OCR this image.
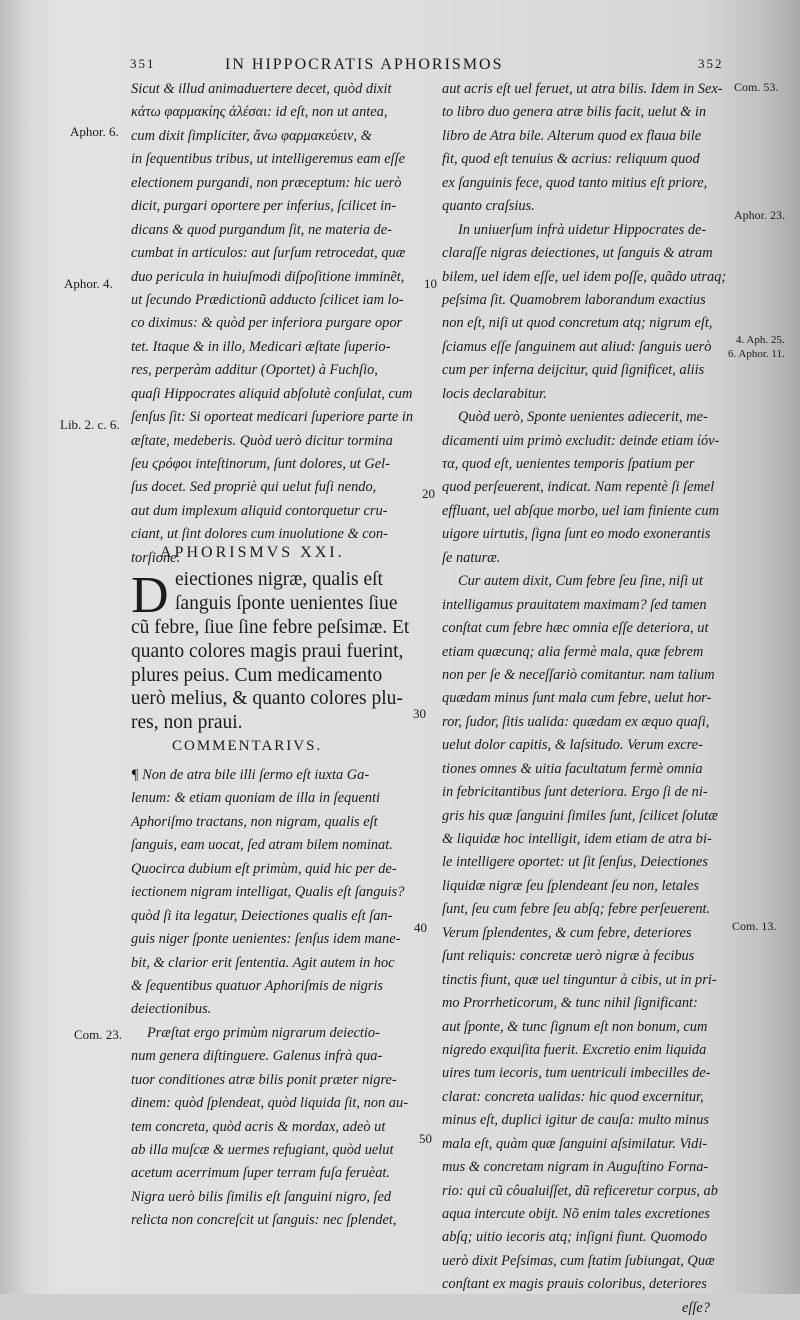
351	IN HIPPOCRATIS APHORISMOS	352
Sicut & illud animaduertere decet, quòd dixit
κάτω φαρμακίης ἁλέσαι: id eſt, non ut antea,
cum dixit ſimpliciter, ἄνω φαρμακεύειν, &
in ſequentibus tribus, ut intelligeremus eam eſſe
electionem purgandi, non præceptum: hic uerò
dicit, purgari oportere per inferius, ſcilicet in-
dicans & quod purgandum ſit, ne materia de-
cumbat in articulos: aut ſurſum retrocedat, quæ
duo pericula in huiuſmodi diſpoſitione imminẽt,
ut ſecundo Prædictionũ adducto ſcilicet iam lo-
co diximus: & quòd per inferiora purgare opor
tet. Itaque & in illo, Medicari æſtate ſuperio-
res, perperàm additur (Oportet) à Fuchſio,
quaſi Hippocrates aliquid abſolutè conſulat, cum
ſenſus ſit: Si oporteat medicari ſuperiore parte in
æſtate, medeberis. Quòd uerò dicitur tormina
ſeu ϛρόφοι inteſtinorum, ſunt dolores, ut Gel-
ſus docet. Sed propriè qui uelut fuſi nendo,
aut dum implexum aliquid contorquetur cru-
ciant, ut ſint dolores cum inuolutione & con-
torſione.
APHORISMVS XXI.
D eiectiones nigræ, qualis eſt
ſanguis ſponte uenientes ſiue
cũ febre, ſiue ſine febre peſsimæ. Et
quanto colores magis praui fuerint,
plures peius. Cum medicamento
uerò melius, & quanto colores plu-
res, non praui.
COMMENTARIVS.
¶ Non de atra bile illi ſermo eſt iuxta Ga-
lenum: & etiam quoniam de illa in ſequenti
Aphoriſmo tractans, non nigram, qualis eſt
ſanguis, eam uocat, ſed atram bilem nominat.
Quocirca dubium eſt primùm, quid hic per de-
iectionem nigram intelligat, Qualis eſt ſanguis?
quòd ſi ita legatur, Deiectiones qualis eſt ſan-
guis niger ſponte uenientes: ſenſus idem mane-
bit, & clarior erit ſententia. Agit autem in hoc
& ſequentibus quatuor Aphoriſmis de nigris
deiectionibus.
Præſtat ergo primùm nigrarum deiectio-
num genera diſtinguere. Galenus infrà qua-
tuor conditiones atræ bilis ponit præter nigre-
dinem: quòd ſplendeat, quòd liquida ſit, non au-
tem concreta, quòd acris & mordax, adeò ut
ab illa muſcæ & uermes refugiant, quòd uelut
acetum acerrimum ſuper terram fuſa feruèat.
Nigra uerò bilis ſimilis eſt ſanguini nigro, ſed
relicta non concreſcit ut ſanguis: nec ſplendet,
aut acris eſt uel feruet, ut atra bilis. Idem in Sex-
to libro duo genera atræ bilis facit, uelut & in
libro de Atra bile. Alterum quod ex flaua bile
fit, quod eſt tenuius & acrius: reliquum quod
ex ſanguinis fece, quod tanto mitius eſt priore,
quanto craſsius.
In uniuerſum infrà uidetur Hippocrates de-
claraſſe nigras deiectiones, ut ſanguis & atram
bilem, uel idem eſſe, uel idem poſſe, quãdo utraq;
peſsima ſit. Quamobrem laborandum exactius
non eſt, niſi ut quod concretum atq; nigrum eſt,
ſciamus eſſe ſanguinem aut aliud: ſanguis uerò
cum per inferna deijcitur, quid ſignificet, aliis
locis declarabitur.
Quòd uerò, Sponte uenientes adiecerit, me-
dicamenti uim primò excludit: deinde etiam ἰόν-
τα, quod eſt, uenientes temporis ſpatium per
quod perſeuerent, indicat. Nam repentè ſi ſemel
effluant, uel abſque morbo, uel iam finiente cum
uigore uirtutis, ſigna ſunt eo modo exonerantis
ſe naturæ.
Cur autem dixit, Cum febre ſeu ſine, niſi ut
intelligamus prauitatem maximam? ſed tamen
conſtat cum febre hæc omnia eſſe deteriora, ut
etiam quæcunq; alia fermè mala, quæ febrem
non per ſe & neceſſariò comitantur. nam talium
quædam minus ſunt mala cum febre, uelut hor-
ror, ſudor, ſitis ualida: quædam ex æquo quaſi,
uelut dolor capitis, & laſsitudo. Verum excre-
tiones omnes & uitia facultatum fermè omnia
in febricitantibus ſunt deteriora. Ergo ſi de ni-
gris his quæ ſanguini ſimiles ſunt, ſcilicet ſolutæ
& liquidæ hoc intelligit, idem etiam de atra bi-
le intelligere oportet: ut ſit ſenſus, Deiectiones
liquidæ nigræ ſeu ſplendeant ſeu non, letales
ſunt, ſeu cum febre ſeu abſq; febre perſeuerent.
Verum ſplendentes, & cum febre, deteriores
ſunt reliquis: concretæ uerò nigræ à fecibus
tinctis fiunt, quæ uel tinguntur à cibis, ut in pri-
mo Prorrheticorum, & tunc nihil ſignificant:
aut ſponte, & tunc ſignum eſt non bonum, cum
nigredo exquiſita fuerit. Excretio enim liquida
uires tum iecoris, tum uentriculi imbecilles de-
clarat: concreta ualidas: hic quod excernitur,
minus eſt, duplici igitur de cauſa: multo minus
mala eſt, quàm quæ ſanguini aſsimilatur. Vidi-
mus & concretam nigram in Auguſtino Forna-
rio: qui cũ côualuiſſet, dũ reficeretur corpus, ab
aqua intercute obijt. Nõ enim tales excretiones
abſq; uitio iecoris atq; inſigni fiunt. Quomodo
uerò dixit Peſsimas, cum ſtatim ſubiungat, Quæ
conſtant ex magis prauis coloribus, deteriores
eſſe?
Aphor. 6.
Aphor. 4.
Lib. 2. c. 6.
Com. 23.
Com. 53.
Aphor. 23.
4. Aph. 25.
6. Aphor. 11.
Com. 13.
10
20
30
40
50
